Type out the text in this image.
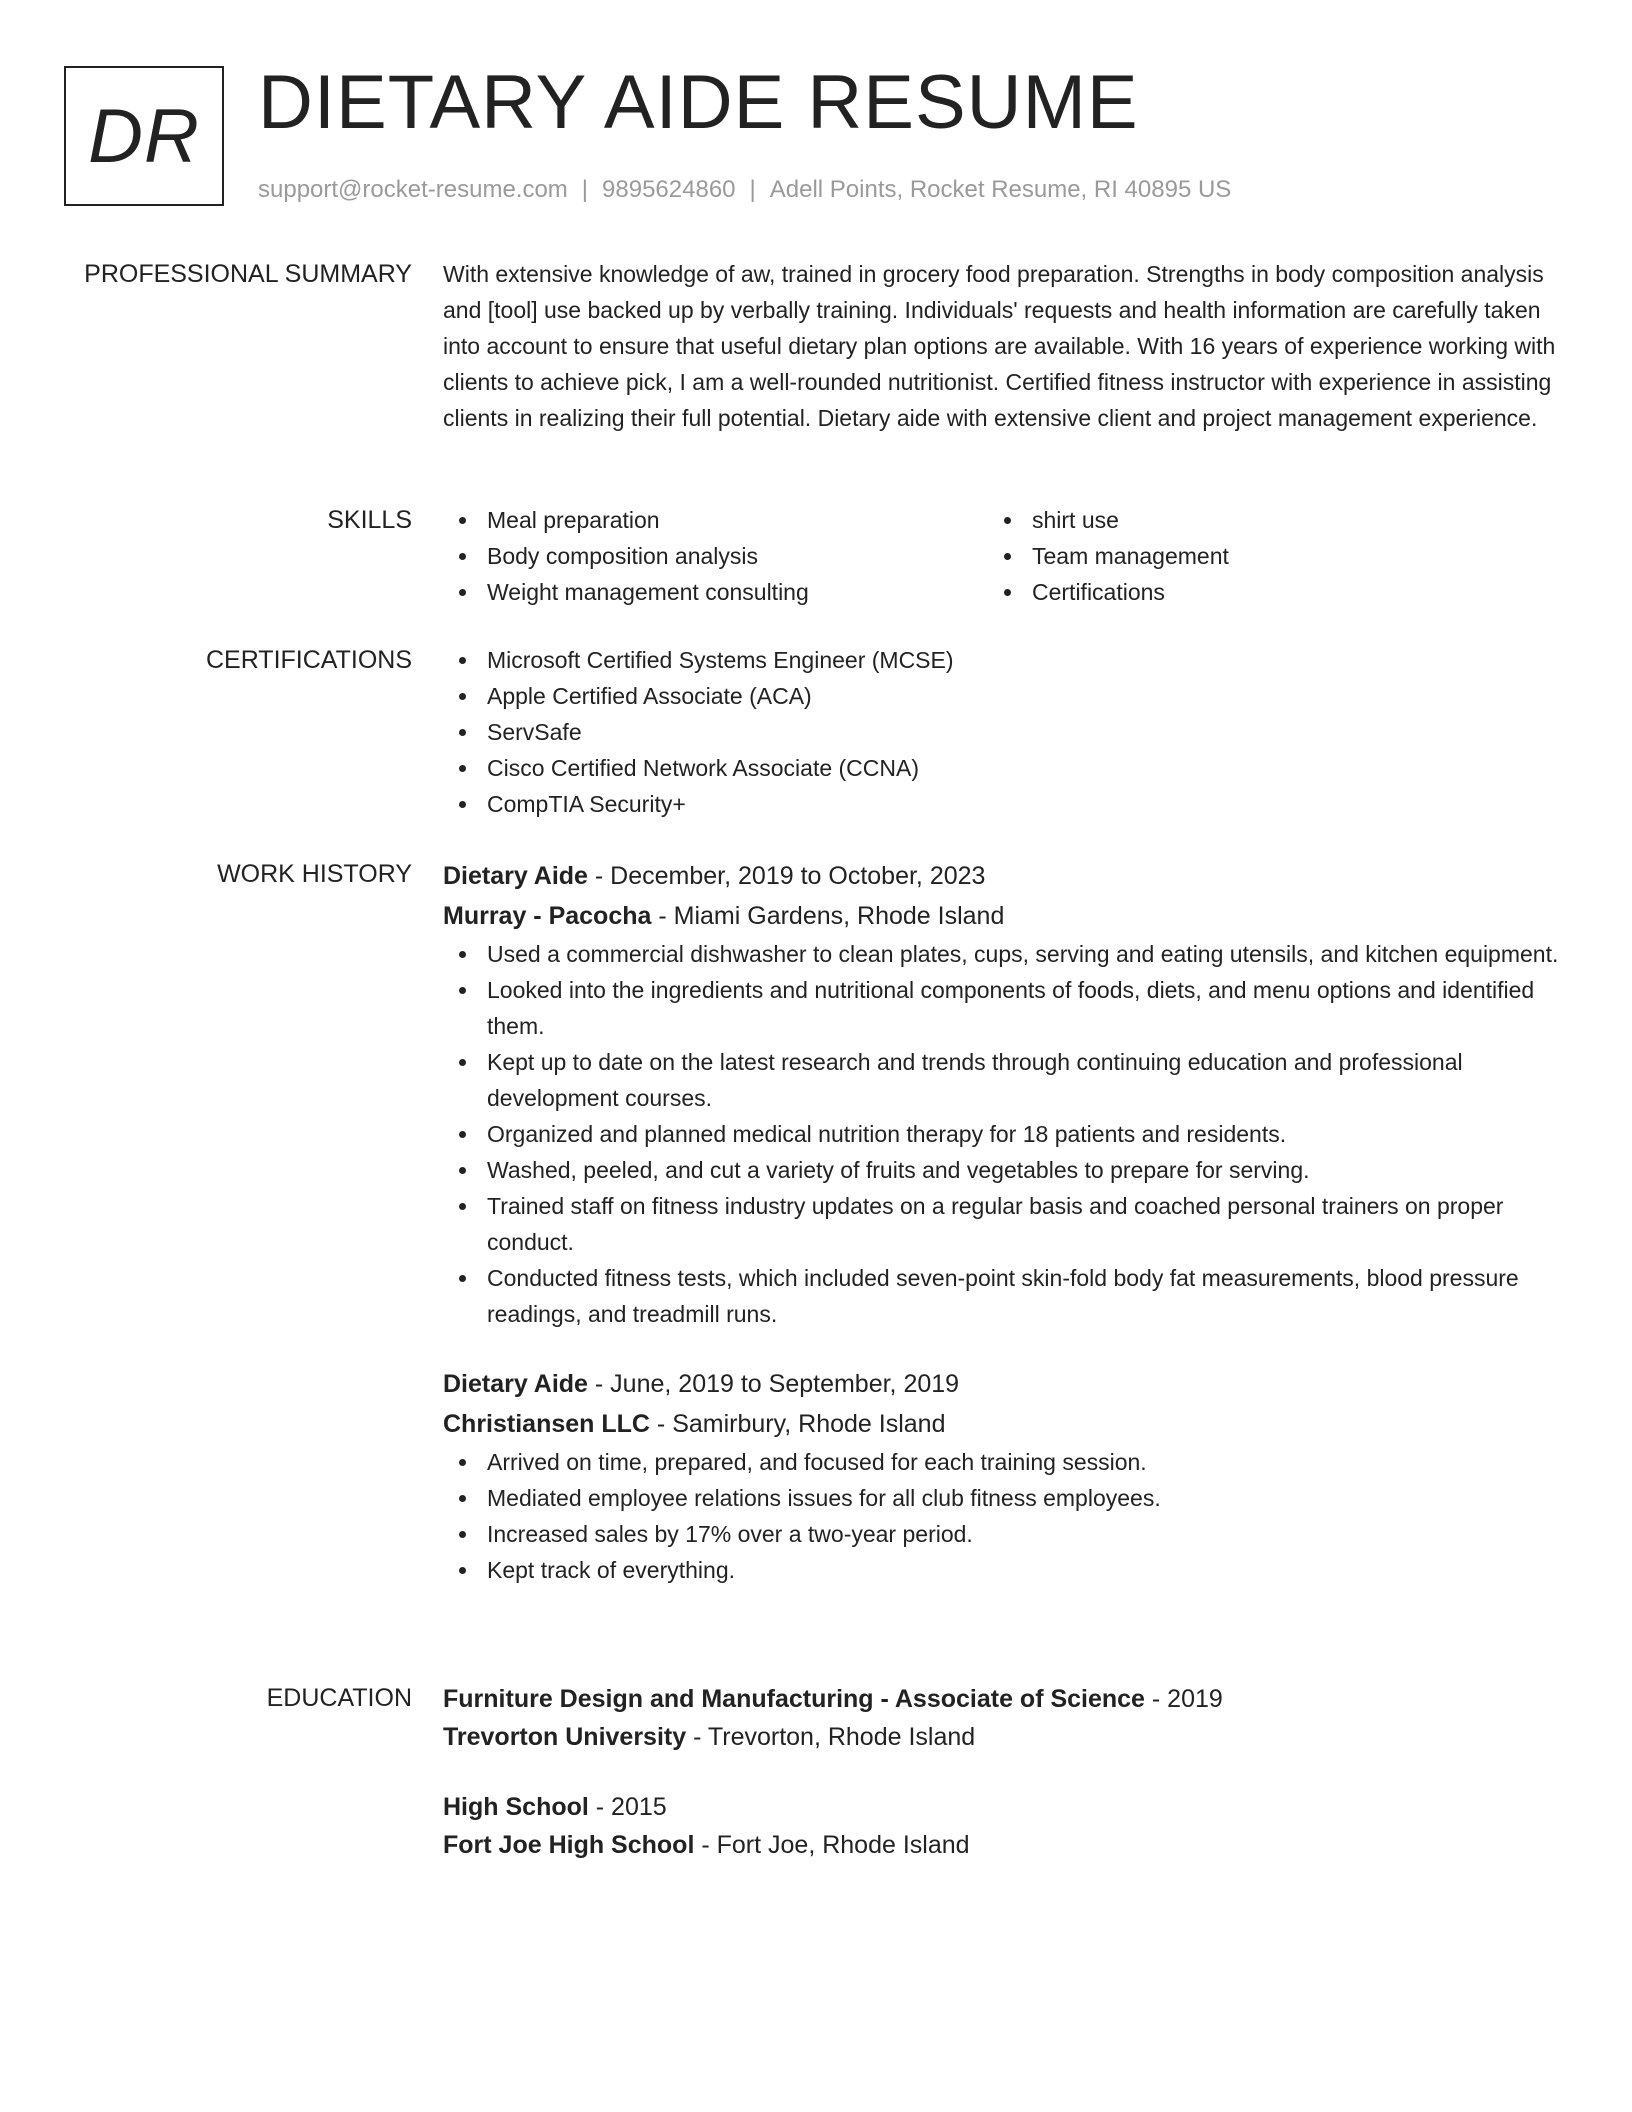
DR DIETARY AIDE RESUME
support@rocket-resume.com | 9895624860 | Adell Points, Rocket Resume, RI 40895 US
PROFESSIONAL SUMMARY With extensive knowledge of aw, trained in grocery food preparation. Strengths in body composition analysis and [tool] use backed up by verbally training. Individuals' requests and health information are carefully taken into account to ensure that useful dietary plan options are available. With 16 years of experience working with clients to achieve pick, I am a well-rounded nutritionist. Certified fitness instructor with experience in assisting clients in realizing their full potential. Dietary aide with extensive client and project management experience.
SKILLS	Meal preparation
Body composition analysis
Weight management consulting
shirt use
Team management
Certifications
CERTIFICATIONS	Microsoft Certified Systems Engineer (MCSE)
Apple Certified Associate (ACA)
ServSafe
Cisco Certified Network Associate (CCNA)
CompTIA Security+
WORK HISTORY Dietary Aide - December, 2019 to October, 2023
Murray - Pacocha - Miami Gardens, Rhode Island
Used a commercial dishwasher to clean plates, cups, serving and eating utensils, and kitchen equipment.
Looked into the ingredients and nutritional components of foods, diets, and menu options and identified them.
Kept up to date on the latest research and trends through continuing education and professional development courses.
Organized and planned medical nutrition therapy for 18 patients and residents.
Washed, peeled, and cut a variety of fruits and vegetables to prepare for serving.
Trained staff on fitness industry updates on a regular basis and coached personal trainers on proper conduct.
Conducted fitness tests, which included seven-point skin-fold body fat measurements, blood pressure readings, and treadmill runs.
Dietary Aide - June, 2019 to September, 2019
Christiansen LLC - Samirbury, Rhode Island
Arrived on time, prepared, and focused for each training session.
Mediated employee relations issues for all club fitness employees.
Increased sales by 17% over a two-year period.
Kept track of everything.
EDUCATION Furniture Design and Manufacturing - Associate of Science - 2019
Trevorton University - Trevorton, Rhode Island
High School - 2015
Fort Joe High School - Fort Joe, Rhode Island
